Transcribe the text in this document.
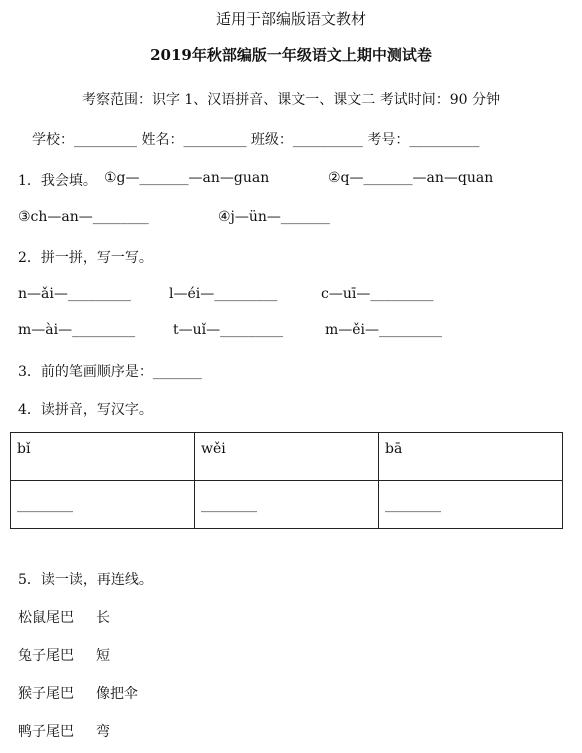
适用于部编版语文教材
2019年秋部编版一年级语文上期中测试卷
考察范围：识字 1、汉语拼音、课文一、课文二 考试时间：90 分钟
学校：_________ 姓名：_________ 班级：__________ 考号：__________
1．我会填。 ①g—_______—an—guan	②q—_______—an—quan
③ch—an—________	④j—ün—_______
2．拼一拼，写一写。
n—ǎi—_________	l—éi—_________	c—uī—_________
m—ài—_________	t—uǐ—_________	m—ěi—_________
3．前的笔画顺序是：_______
4．读拼音，写汉字。
bǐ	wěi	bā
________	________	________
5．读一读，再连线。
松鼠尾巴 长
兔子尾巴 短
猴子尾巴 像把伞
鸭子尾巴 弯
